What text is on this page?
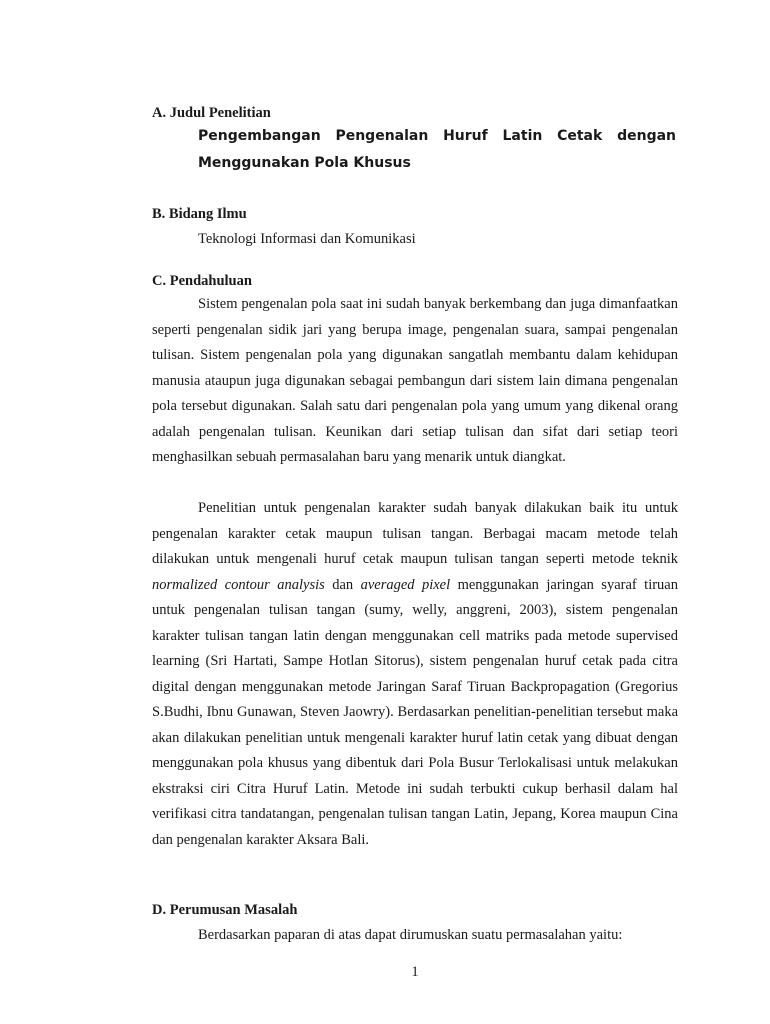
A. Judul Penelitian

Pengembangan Pengenalan Huruf Latin Cetak dengan

Menggunakan Pola Khusus

B. Bidang Ilmu

Teknologi Informasi dan Komunikasi

C. Pendahuluan

Sistem pengenalan pola saat ini sudah banyak berkembang dan juga dimanfaatkan seperti pengenalan sidik jari yang berupa image, pengenalan suara, sampai pengenalan tulisan. Sistem pengenalan pola yang digunakan sangatlah membantu dalam kehidupan manusia ataupun juga digunakan sebagai pembangun dari sistem lain dimana pengenalan pola tersebut digunakan. Salah satu dari pengenalan pola yang umum yang dikenal orang adalah pengenalan tulisan. Keunikan dari setiap tulisan dan sifat dari setiap teori menghasilkan sebuah permasalahan baru yang menarik untuk diangkat.

Penelitian untuk pengenalan karakter sudah banyak dilakukan baik itu untuk pengenalan karakter cetak maupun tulisan tangan. Berbagai macam metode telah dilakukan untuk mengenali huruf cetak maupun tulisan tangan seperti metode teknik normalized contour analysis dan averaged pixel menggunakan jaringan syaraf tiruan untuk pengenalan tulisan tangan (sumy, welly, anggreni, 2003), sistem pengenalan karakter tulisan tangan latin dengan menggunakan cell matriks pada metode supervised learning (Sri Hartati, Sampe Hotlan Sitorus), sistem pengenalan huruf cetak pada citra digital dengan menggunakan metode Jaringan Saraf Tiruan Backpropagation (Gregorius S.Budhi, Ibnu Gunawan, Steven Jaowry). Berdasarkan penelitian-penelitian tersebut maka akan dilakukan penelitian untuk mengenali karakter huruf latin cetak yang dibuat dengan menggunakan pola khusus yang dibentuk dari Pola Busur Terlokalisasi untuk melakukan ekstraksi ciri Citra Huruf Latin. Metode ini sudah terbukti cukup berhasil dalam hal verifikasi citra tandatangan, pengenalan tulisan tangan Latin, Jepang, Korea maupun Cina dan pengenalan karakter Aksara Bali.

D. Perumusan Masalah

Berdasarkan paparan di atas dapat dirumuskan suatu permasalahan yaitu:

1
